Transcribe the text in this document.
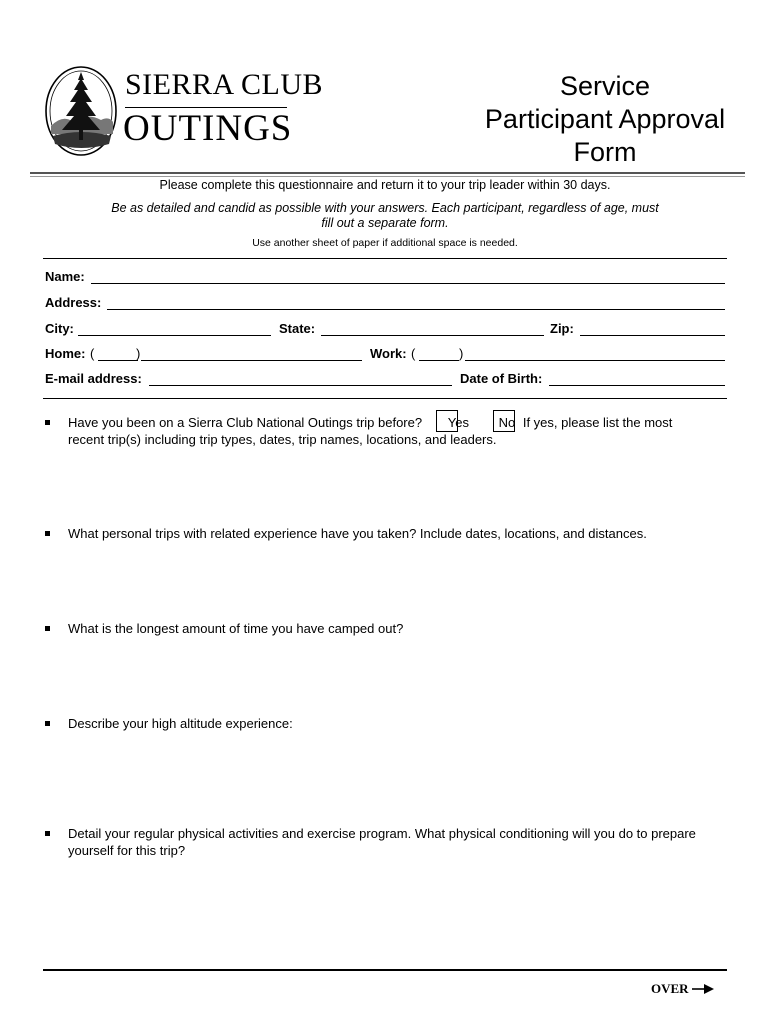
SIERRA CLUB
OUTINGS
Service
Participant Approval
Form
Please complete this questionnaire and return it to your trip leader within 30 days.
Be as detailed and candid as possible with your answers. Each participant, regardless of age, must
fill out a separate form.
Use another sheet of paper if additional space is needed.
Name:
Address:
City:	State:	Zip:
Home: (	)	Work: (	)
E-mail address:	Date of Birth:
Have you been on a Sierra Club National Outings trip before? Yes No If yes, please list the most
recent trip(s) including trip types, dates, trip names, locations, and leaders.
What personal trips with related experience have you taken? Include dates, locations, and distances.
What is the longest amount of time you have camped out?
Describe your high altitude experience:
Detail your regular physical activities and exercise program. What physical conditioning will you do to prepare
yourself for this trip?
OVER
